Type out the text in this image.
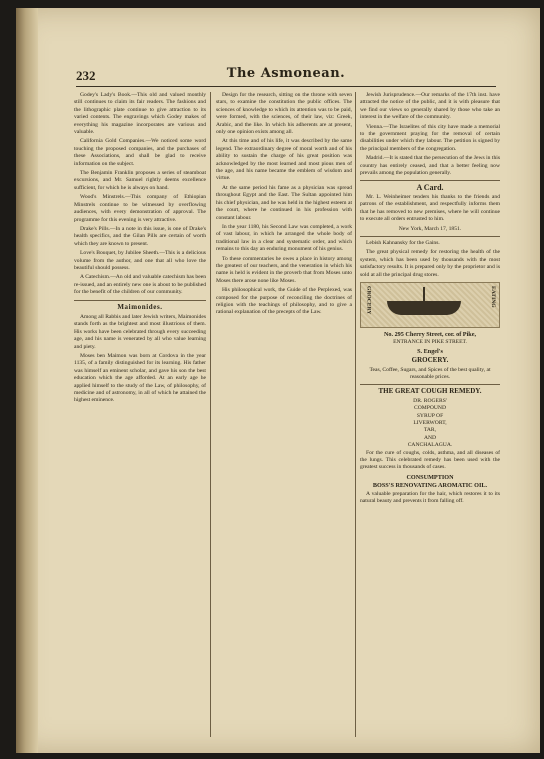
232	The Asmonean.

Godey's Lady's Book.—This old and valued monthly still continues to claim its fair readers. The fashions and the lithographic plate continue to give attraction to its varied contents. The engravings which Godey makes of everything his magazine incorporates are various and valuable.

California Gold Companies.—We noticed some word touching the proposed companies, and the purchases of these Associations, and shall be glad to receive information on the subject.

The Benjamin Franklin proposes a series of steamboat excursions, and Mr. Samuel rightly deems excellence sufficient, for which he is always on hand.

Wood's Minstrels.—This company of Ethiopian Minstrels continue to be witnessed by overflowing audiences, with every demonstration of approval. The programme for this evening is very attractive.

Drake's Pills.—In a note in this issue, is one of Drake's health specifics, and the Gilan Pills are certain of worth which they are known to present.

Love's Bouquet, by Jubilee Sheeth.—This is a delicious volume from the author, and one that all who love the beautiful should possess.

A Catechism.—An old and valuable catechism has been re-issued, and an entirely new one is about to be published for the benefit of the children of our community.

Maimonides.

Among all Rabbis and later Jewish writers, Maimonides stands forth as the brightest and most illustrious of them. His works have been celebrated through every succeeding age, and his name is venerated by all who value learning and piety.

Moses ben Maimon was born at Cordova in the year 1135, of a family distinguished for its learning. His father was himself an eminent scholar, and gave his son the best education which the age afforded. At an early age he applied himself to the study of the Law, of philosophy, of medicine and of astronomy, in all of which he attained the highest eminence.

Design for the research, sitting on the throne with seven stars, to examine the constitution the public offices. The sciences of knowledge to which its attention was to be paid, were formed, with the sciences, of their law, viz: Greek, Arabic, and the like. In which his adherents are at present, only one opinion exists among all.

At this time and of his life, it was described by the same legend. The extraordinary degree of moral worth and of his ability to sustain the charge of his great position was acknowledged by the most learned and most pious men of the age, and his name became the emblem of wisdom and virtue.

At the same period his fame as a physician was spread throughout Egypt and the East. The Sultan appointed him his chief physician, and he was held in the highest esteem at the court, where he continued in his profession with constant labour.

In the year 1180, his Second Law was completed, a work of vast labour, in which he arranged the whole body of traditional law in a clear and systematic order, and which remains to this day an enduring monument of his genius.

To these commentaries he owes a place in history among the greatest of our teachers, and the veneration in which his name is held is evident in the proverb that from Moses unto Moses there arose none like Moses.

His philosophical work, the Guide of the Perplexed, was composed for the purpose of reconciling the doctrines of religion with the teachings of philosophy, and to give a rational explanation of the precepts of the Law.

Jewish Jurisprudence.—Our remarks of the 17th inst. have attracted the notice of the public, and it is with pleasure that we find our views so generally shared by those who take an interest in the welfare of the community.

Vienna.—The Israelites of this city have made a memorial to the government praying for the removal of certain disabilities under which they labour. The petition is signed by the principal members of the congregation.

Madrid.—It is stated that the persecution of the Jews in this country has entirely ceased, and that a better feeling now prevails among the population generally.

A Card.

Mr. L. Weinheimer tenders his thanks to the friends and patrons of the establishment, and respectfully informs them that he has removed to new premises, where he will continue to execute all orders entrusted to him.

New York, March 17, 1851.

Lebish Kahnansky for the Gains.

The great physical remedy for restoring the health of the system, which has been used by thousands with the most satisfactory results. It is prepared only by the proprietor and is sold at all the principal drug stores.

GROCERY	EATING
No. 295 Cherry Street, cor. of Pike,
ENTRANCE IN PIKE STREET.
S. Engel's
GROCERY.
Teas, Coffee, Sugars, and Spices of the best quality, at reasonable prices.
THE GREAT COUGH REMEDY.
DR. ROGERS'
COMPOUND
SYRUP OF
LIVERWORT,
TAR,
AND
CANCHALAGUA.

For the cure of coughs, colds, asthma, and all diseases of the lungs. This celebrated remedy has been used with the greatest success in thousands of cases.

CONSUMPTION
BOSS'S RENOVATING AROMATIC OIL.

A valuable preparation for the hair, which restores it to its natural beauty and prevents it from falling off.
